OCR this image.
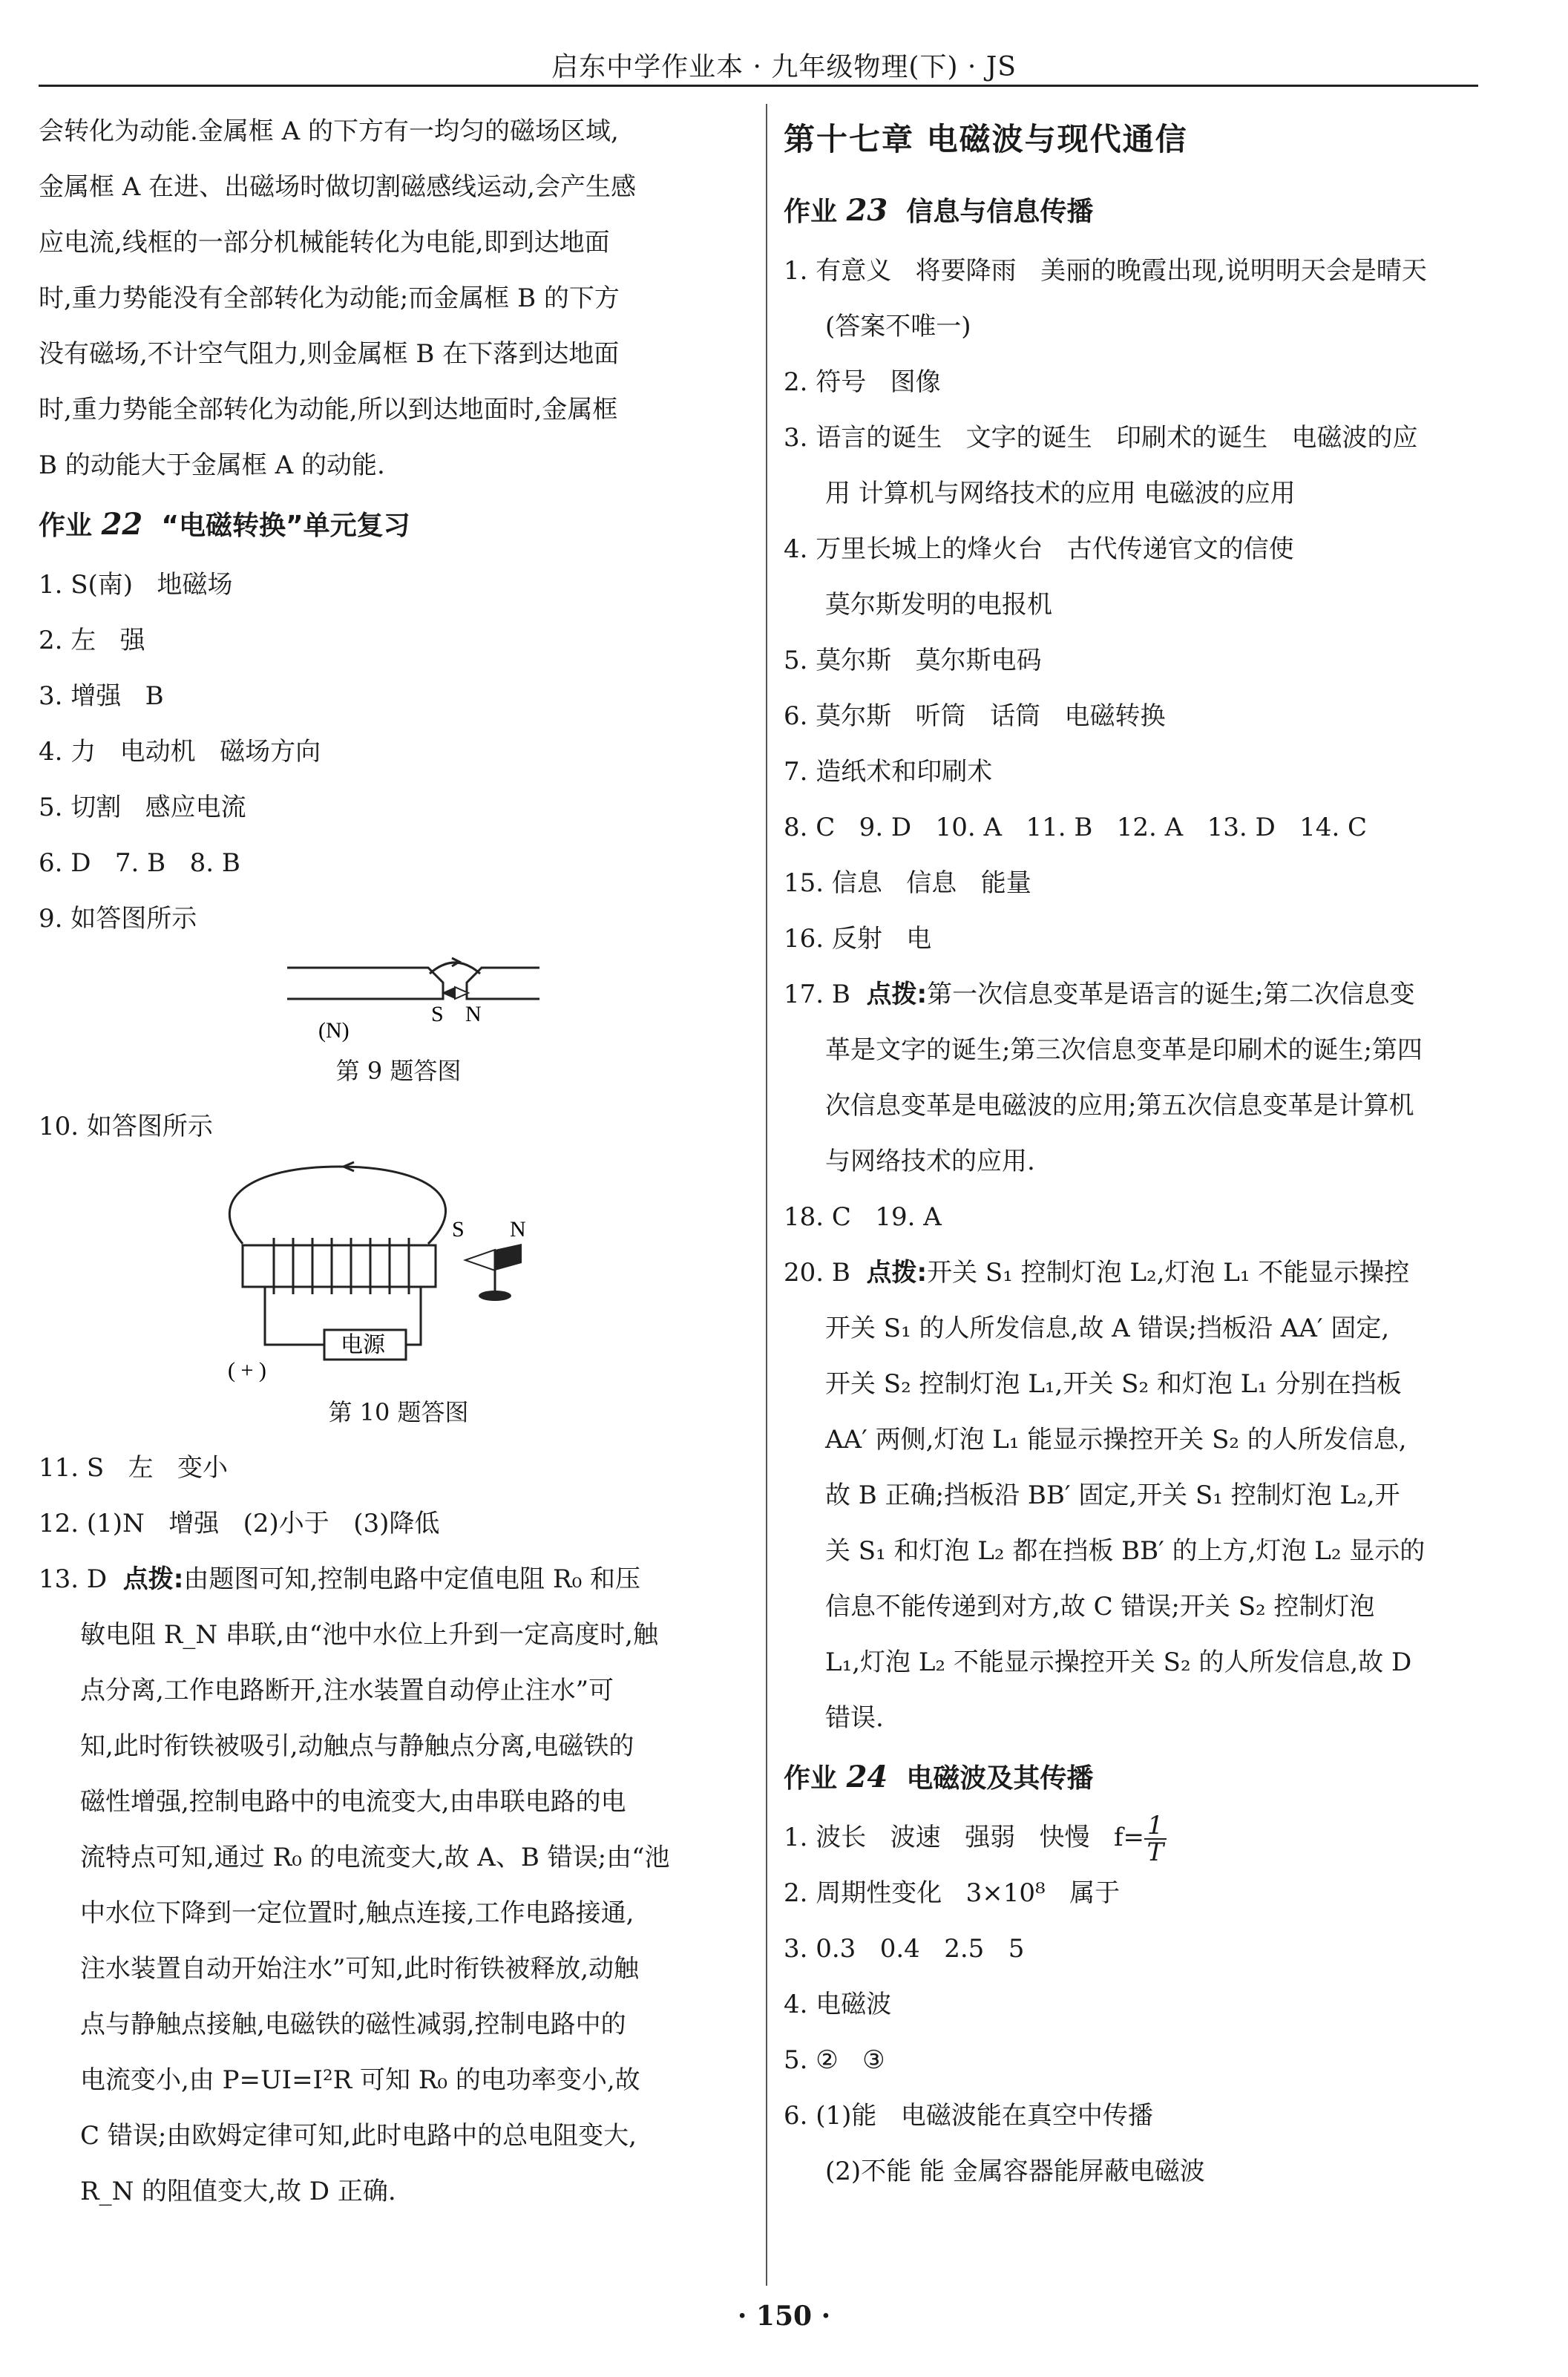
启东中学作业本 · 九年级物理(下) · JS

会转化为动能.金属框 A 的下方有一均匀的磁场区域,

金属框 A 在进、出磁场时做切割磁感线运动,会产生感

应电流,线框的一部分机械能转化为电能,即到达地面

时,重力势能没有全部转化为动能;而金属框 B 的下方

没有磁场,不计空气阻力,则金属框 B 在下落到达地面

时,重力势能全部转化为动能,所以到达地面时,金属框

B 的动能大于金属框 A 的动能.

作业 22 “电磁转换”单元复习

1. S(南)   地磁场

2. 左   强

3. 增强   B

4. 力   电动机   磁场方向

5. 切割   感应电流

6. D   7. B   8. B

9. 如答图所示

(N)
S N

第 9 题答图

10. 如答图所示

S N
电源
( + )

第 10 题答图

11. S   左   变小

12. (1)N   增强   (2)小于   (3)降低

13. D 点拨:由题图可知,控制电路中定值电阻 R₀ 和压

敏电阻 R_N 串联,由“池中水位上升到一定高度时,触

点分离,工作电路断开,注水装置自动停止注水”可

知,此时衔铁被吸引,动触点与静触点分离,电磁铁的

磁性增强,控制电路中的电流变大,由串联电路的电

流特点可知,通过 R₀ 的电流变大,故 A、B 错误;由“池

中水位下降到一定位置时,触点连接,工作电路接通,

注水装置自动开始注水”可知,此时衔铁被释放,动触

点与静触点接触,电磁铁的磁性减弱,控制电路中的

电流变小,由 P=UI=I²R 可知 R₀ 的电功率变小,故

C 错误;由欧姆定律可知,此时电路中的总电阻变大,

R_N 的阻值变大,故 D 正确.

第十七章 电磁波与现代通信

作业 23 信息与信息传播

1. 有意义   将要降雨   美丽的晚霞出现,说明明天会是晴天

(答案不唯一)

2. 符号   图像

3. 语言的诞生   文字的诞生   印刷术的诞生   电磁波的应

用 计算机与网络技术的应用 电磁波的应用

4. 万里长城上的烽火台   古代传递官文的信使

莫尔斯发明的电报机

5. 莫尔斯   莫尔斯电码

6. 莫尔斯   听筒   话筒   电磁转换

7. 造纸术和印刷术

8. C   9. D   10. A   11. B   12. A   13. D   14. C

15. 信息   信息   能量

16. 反射   电

17. B 点拨:第一次信息变革是语言的诞生;第二次信息变

革是文字的诞生;第三次信息变革是印刷术的诞生;第四

次信息变革是电磁波的应用;第五次信息变革是计算机

与网络技术的应用.

18. C   19. A

20. B 点拨:开关 S₁ 控制灯泡 L₂,灯泡 L₁ 不能显示操控

开关 S₁ 的人所发信息,故 A 错误;挡板沿 AA′ 固定,

开关 S₂ 控制灯泡 L₁,开关 S₂ 和灯泡 L₁ 分别在挡板

AA′ 两侧,灯泡 L₁ 能显示操控开关 S₂ 的人所发信息,

故 B 正确;挡板沿 BB′ 固定,开关 S₁ 控制灯泡 L₂,开

关 S₁ 和灯泡 L₂ 都在挡板 BB′ 的上方,灯泡 L₂ 显示的

信息不能传递到对方,故 C 错误;开关 S₂ 控制灯泡

L₁,灯泡 L₂ 不能显示操控开关 S₂ 的人所发信息,故 D

错误.

作业 24 电磁波及其传播

1. 波长   波速   强弱   快慢   $f= \frac{1}{T}$

2. 周期性变化   3×10⁸   属于

3. 0.3   0.4   2.5   5

4. 电磁波

5. ②   ③

6. (1)能   电磁波能在真空中传播

(2)不能 能 金属容器能屏蔽电磁波

· 150 ·
